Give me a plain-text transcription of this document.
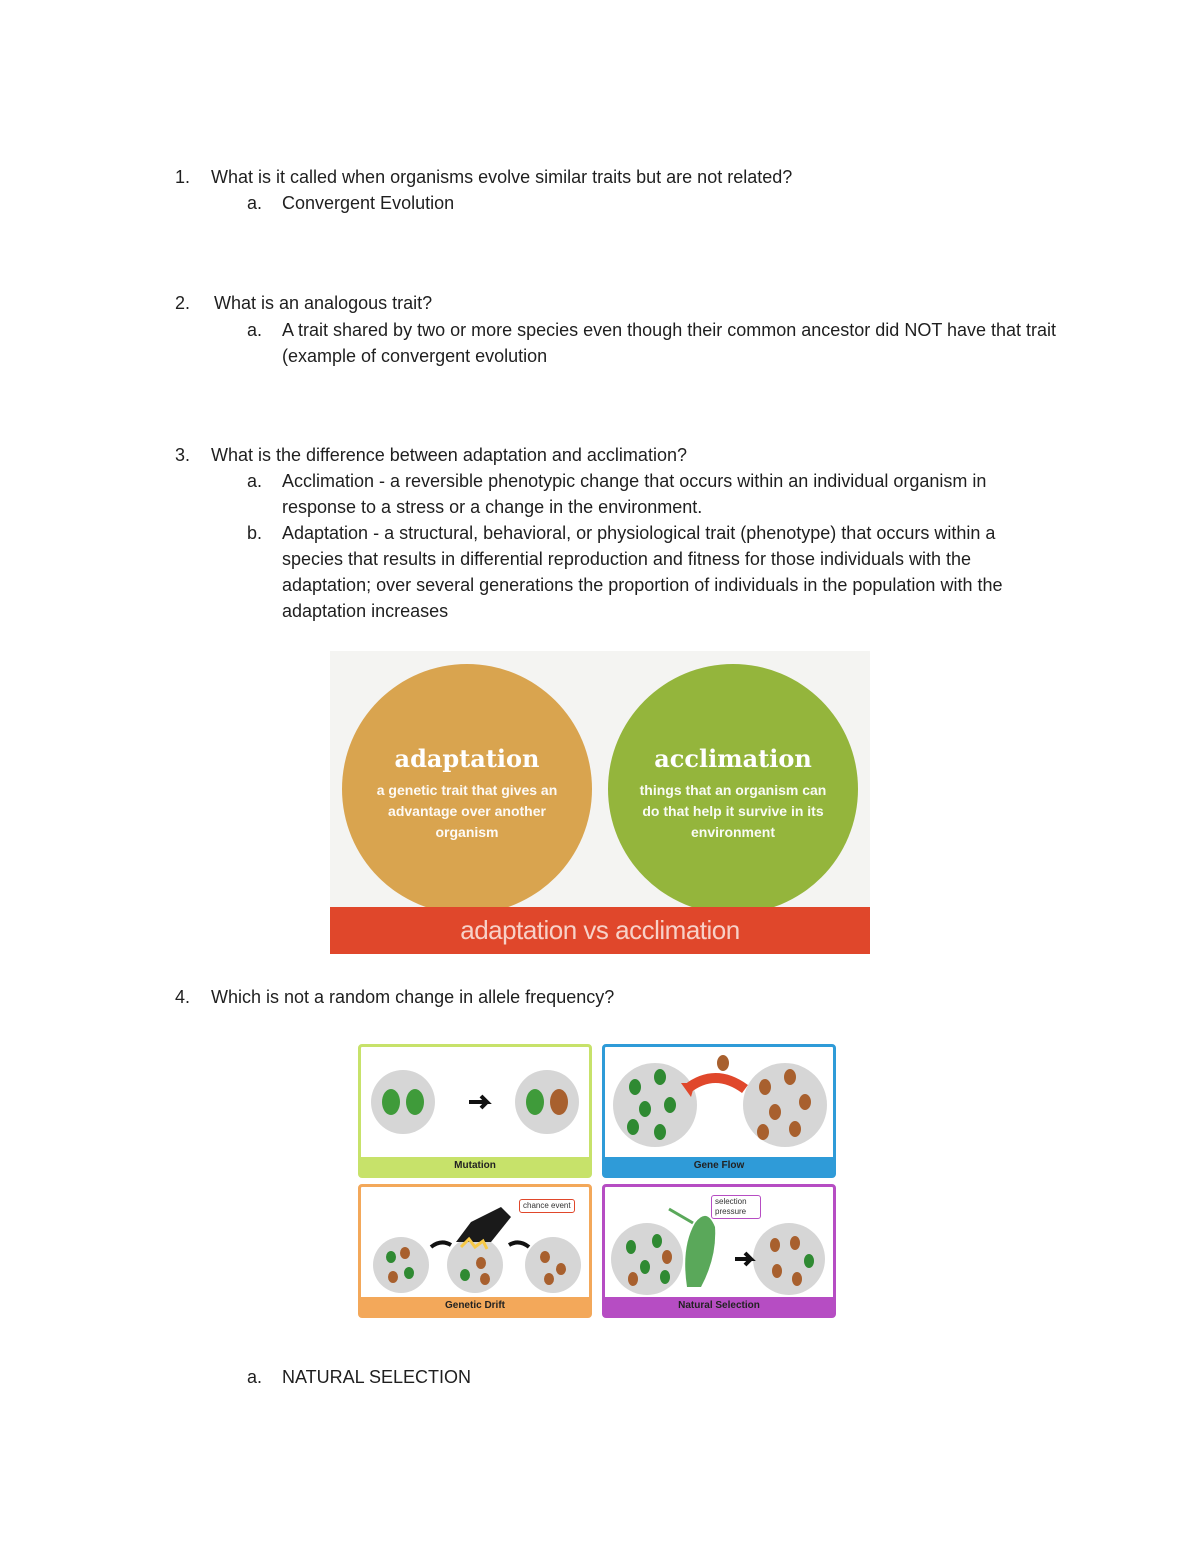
1.	What is it called when organisms evolve similar traits but are not related?
a. Convergent Evolution
2.	What is an analogous trait?
a. A trait shared by two or more species even though their common ancestor did NOT have that trait (example of convergent evolution
3.	What is the difference between adaptation and acclimation?
a. Acclimation - a reversible phenotypic change that occurs within an individual organism in response to a stress or a change in the environment.
b. Adaptation - a structural, behavioral, or physiological trait (phenotype) that occurs within a species that results in differential reproduction and fitness for those individuals with the adaptation; over several generations the proportion of individuals in the population with the adaptation increases
adaptation
a genetic trait that gives an advantage over another organism
acclimation
things that an organism can do that help it survive in its environment
adaptation vs acclimation
4.	Which is not a random change in allele frequency?
Mutation	Gene Flow
chance event
Genetic Drift
selection pressure
Natural Selection
a. NATURAL SELECTION
